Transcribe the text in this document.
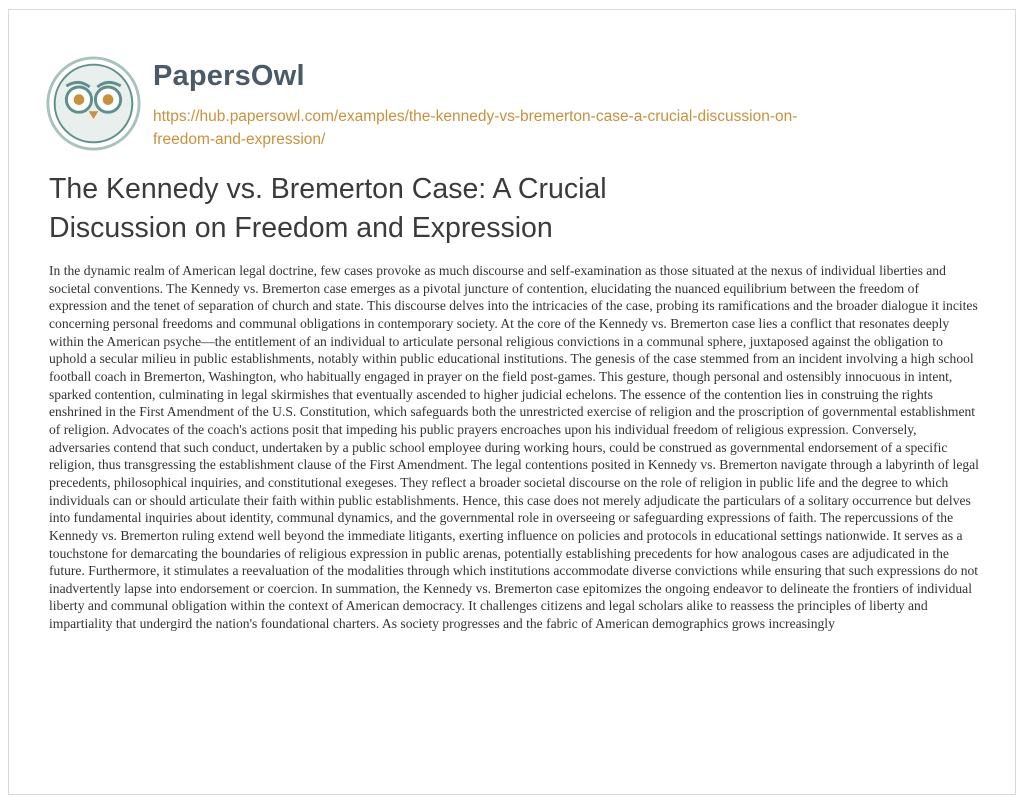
PapersOwl
https://hub.papersowl.com/examples/the-kennedy-vs-bremerton-case-a-crucial-discussion-on-freedom-and-expression/
The Kennedy vs. Bremerton Case: A Crucial Discussion on Freedom and Expression

In the dynamic realm of American legal doctrine, few cases provoke as much discourse and self-examination as those situated at the nexus of individual liberties and societal conventions. The Kennedy vs. Bremerton case emerges as a pivotal juncture of contention, elucidating the nuanced equilibrium between the freedom of expression and the tenet of separation of church and state. This discourse delves into the intricacies of the case, probing its ramifications and the broader dialogue it incites concerning personal freedoms and communal obligations in contemporary society. At the core of the Kennedy vs. Bremerton case lies a conflict that resonates deeply within the American psyche—the entitlement of an individual to articulate personal religious convictions in a communal sphere, juxtaposed against the obligation to uphold a secular milieu in public establishments, notably within public educational institutions. The genesis of the case stemmed from an incident involving a high school football coach in Bremerton, Washington, who habitually engaged in prayer on the field post-games. This gesture, though personal and ostensibly innocuous in intent, sparked contention, culminating in legal skirmishes that eventually ascended to higher judicial echelons. The essence of the contention lies in construing the rights enshrined in the First Amendment of the U.S. Constitution, which safeguards both the unrestricted exercise of religion and the proscription of governmental establishment of religion. Advocates of the coach's actions posit that impeding his public prayers encroaches upon his individual freedom of religious expression. Conversely, adversaries contend that such conduct, undertaken by a public school employee during working hours, could be construed as governmental endorsement of a specific religion, thus transgressing the establishment clause of the First Amendment. The legal contentions posited in Kennedy vs. Bremerton navigate through a labyrinth of legal precedents, philosophical inquiries, and constitutional exegeses. They reflect a broader societal discourse on the role of religion in public life and the degree to which individuals can or should articulate their faith within public establishments. Hence, this case does not merely adjudicate the particulars of a solitary occurrence but delves into fundamental inquiries about identity, communal dynamics, and the governmental role in overseeing or safeguarding expressions of faith. The repercussions of the Kennedy vs. Bremerton ruling extend well beyond the immediate litigants, exerting influence on policies and protocols in educational settings nationwide. It serves as a touchstone for demarcating the boundaries of religious expression in public arenas, potentially establishing precedents for how analogous cases are adjudicated in the future. Furthermore, it stimulates a reevaluation of the modalities through which institutions accommodate diverse convictions while ensuring that such expressions do not inadvertently lapse into endorsement or coercion. In summation, the Kennedy vs. Bremerton case epitomizes the ongoing endeavor to delineate the frontiers of individual liberty and communal obligation within the context of American democracy. It challenges citizens and legal scholars alike to reassess the principles of liberty and impartiality that undergird the nation's foundational charters. As society progresses and the fabric of American demographics grows increasingly
